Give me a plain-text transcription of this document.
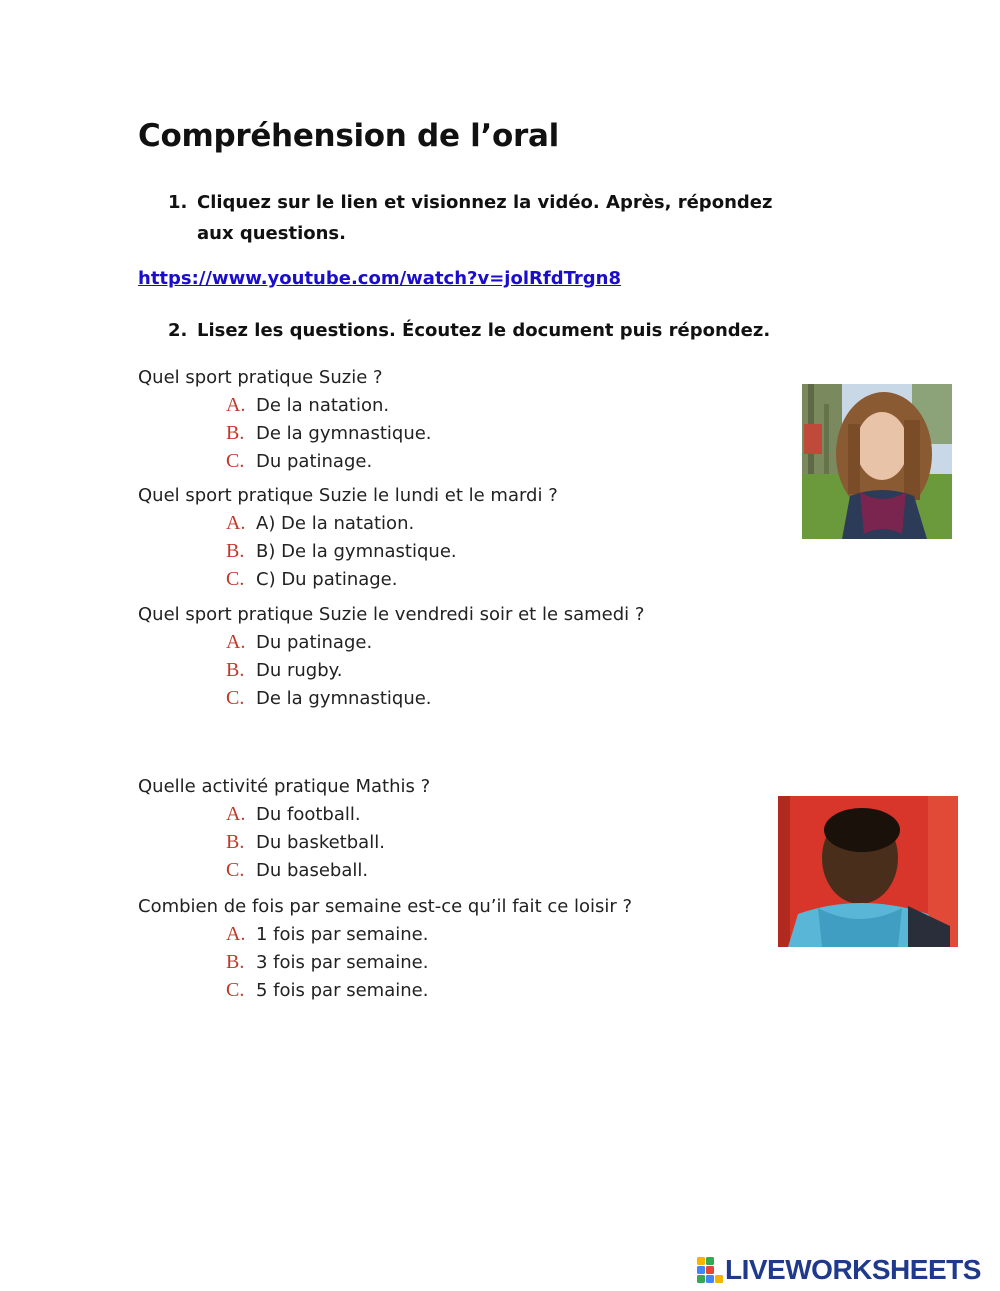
Compréhension de l’oral
1. Cliquez sur le lien et visionnez la vidéo. Après, répondez aux questions.
https://www.youtube.com/watch?v=jolRfdTrgn8
2. Lisez les questions. Écoutez le document puis répondez.
Quel sport pratique Suzie ?
A. De la natation.
B. De la gymnastique.
C. Du patinage.
Quel sport pratique Suzie le lundi et le mardi ?
A. A) De la natation.
B. B) De la gymnastique.
C. C) Du patinage.
Quel sport pratique Suzie le vendredi soir et le samedi ?
A. Du patinage.
B. Du rugby.
C. De la gymnastique.
Quelle activité pratique Mathis ?
A. Du football.
B. Du basketball.
C. Du baseball.
Combien de fois par semaine est-ce qu’il fait ce loisir ?
A. 1 fois par semaine.
B. 3 fois par semaine.
C. 5 fois par semaine.
LIVEWORKSHEETS
